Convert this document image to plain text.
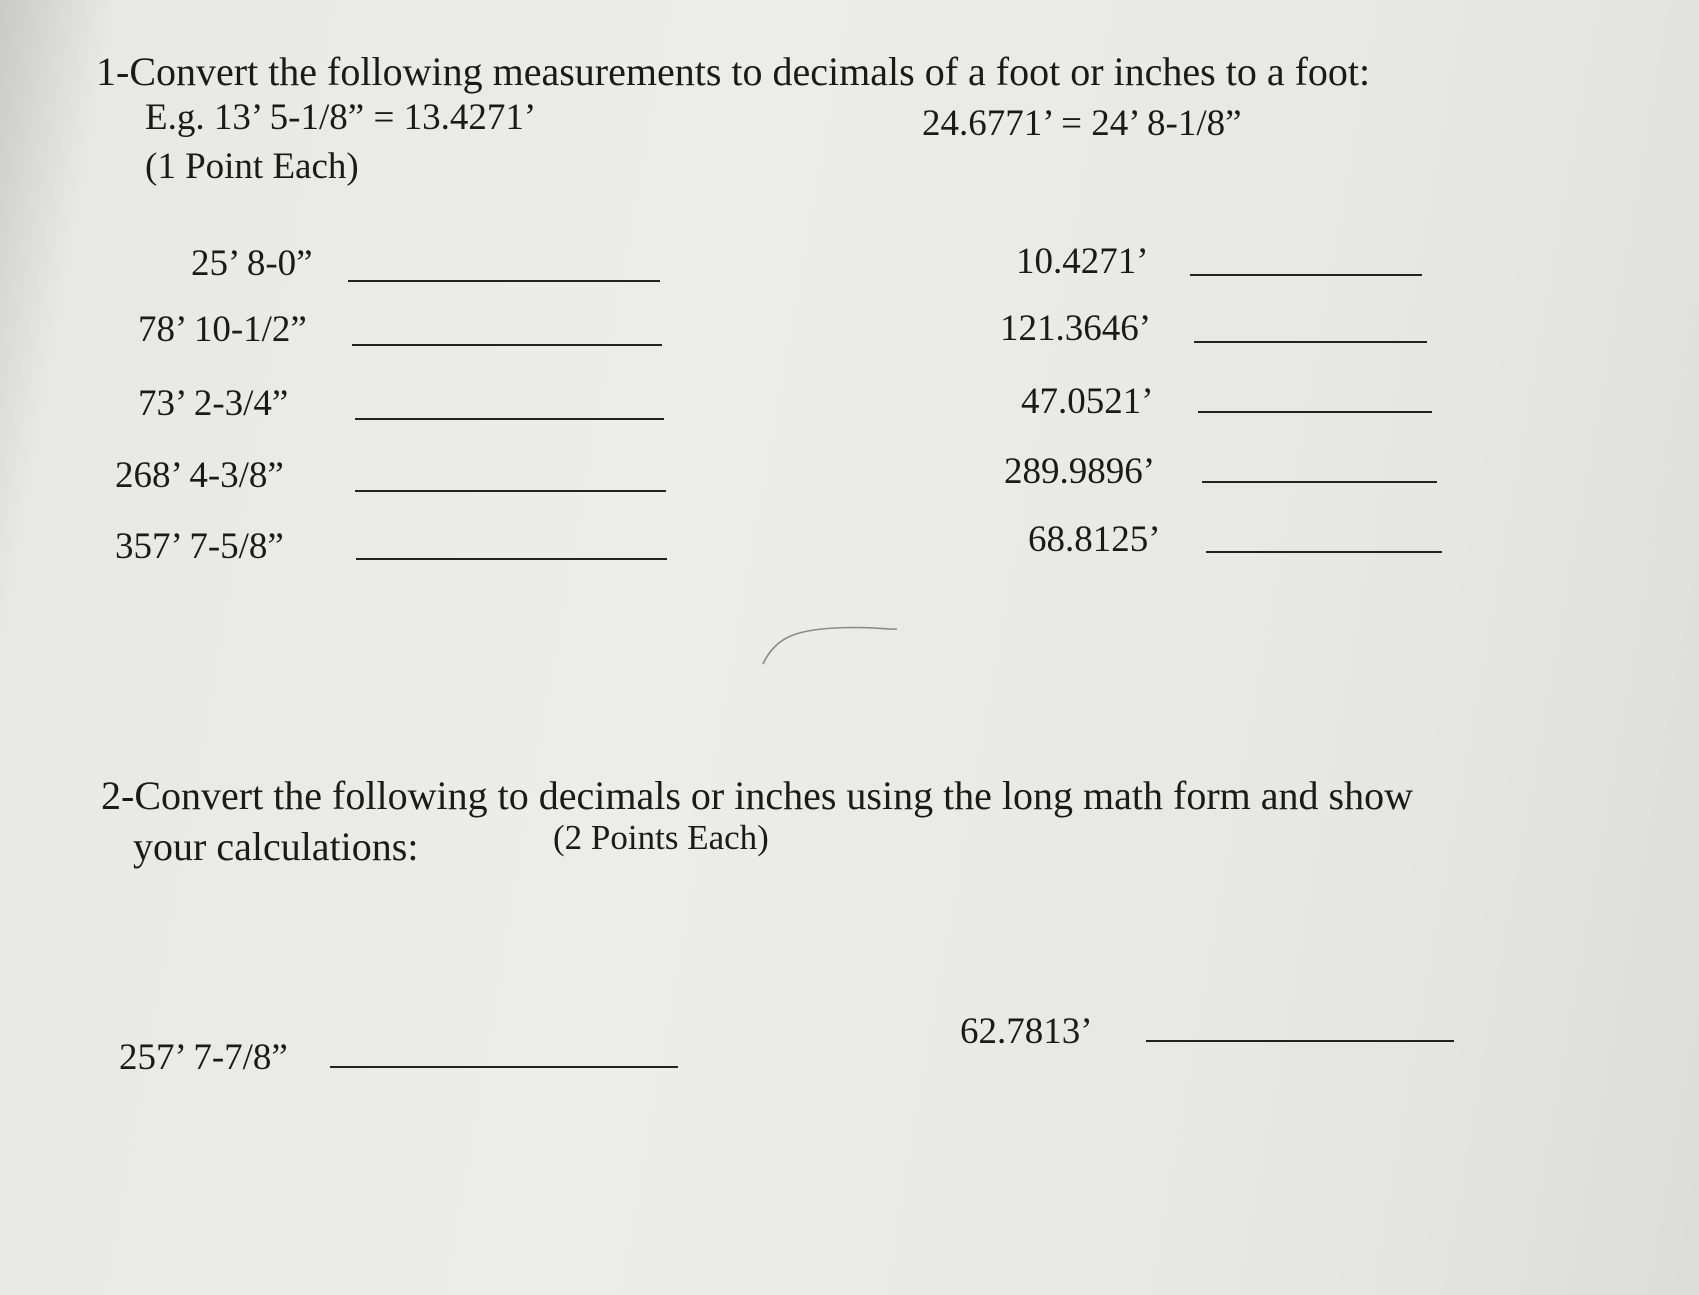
1-Convert the following measurements to decimals of a foot or inches to a foot:
E.g. 13’ 5-1/8” = 13.4271’	24.6771’ = 24’ 8-1/8”
(1 Point Each)
25’ 8-0”
78’ 10-1/2”
73’ 2-3/4”
268’ 4-3/8”
357’ 7-5/8”
10.4271’
121.3646’
47.0521’
289.9896’
68.8125’
2-Convert the following to decimals or inches using the long math form and show
your calculations:	(2 Points Each)
257’ 7-7/8”
62.7813’
